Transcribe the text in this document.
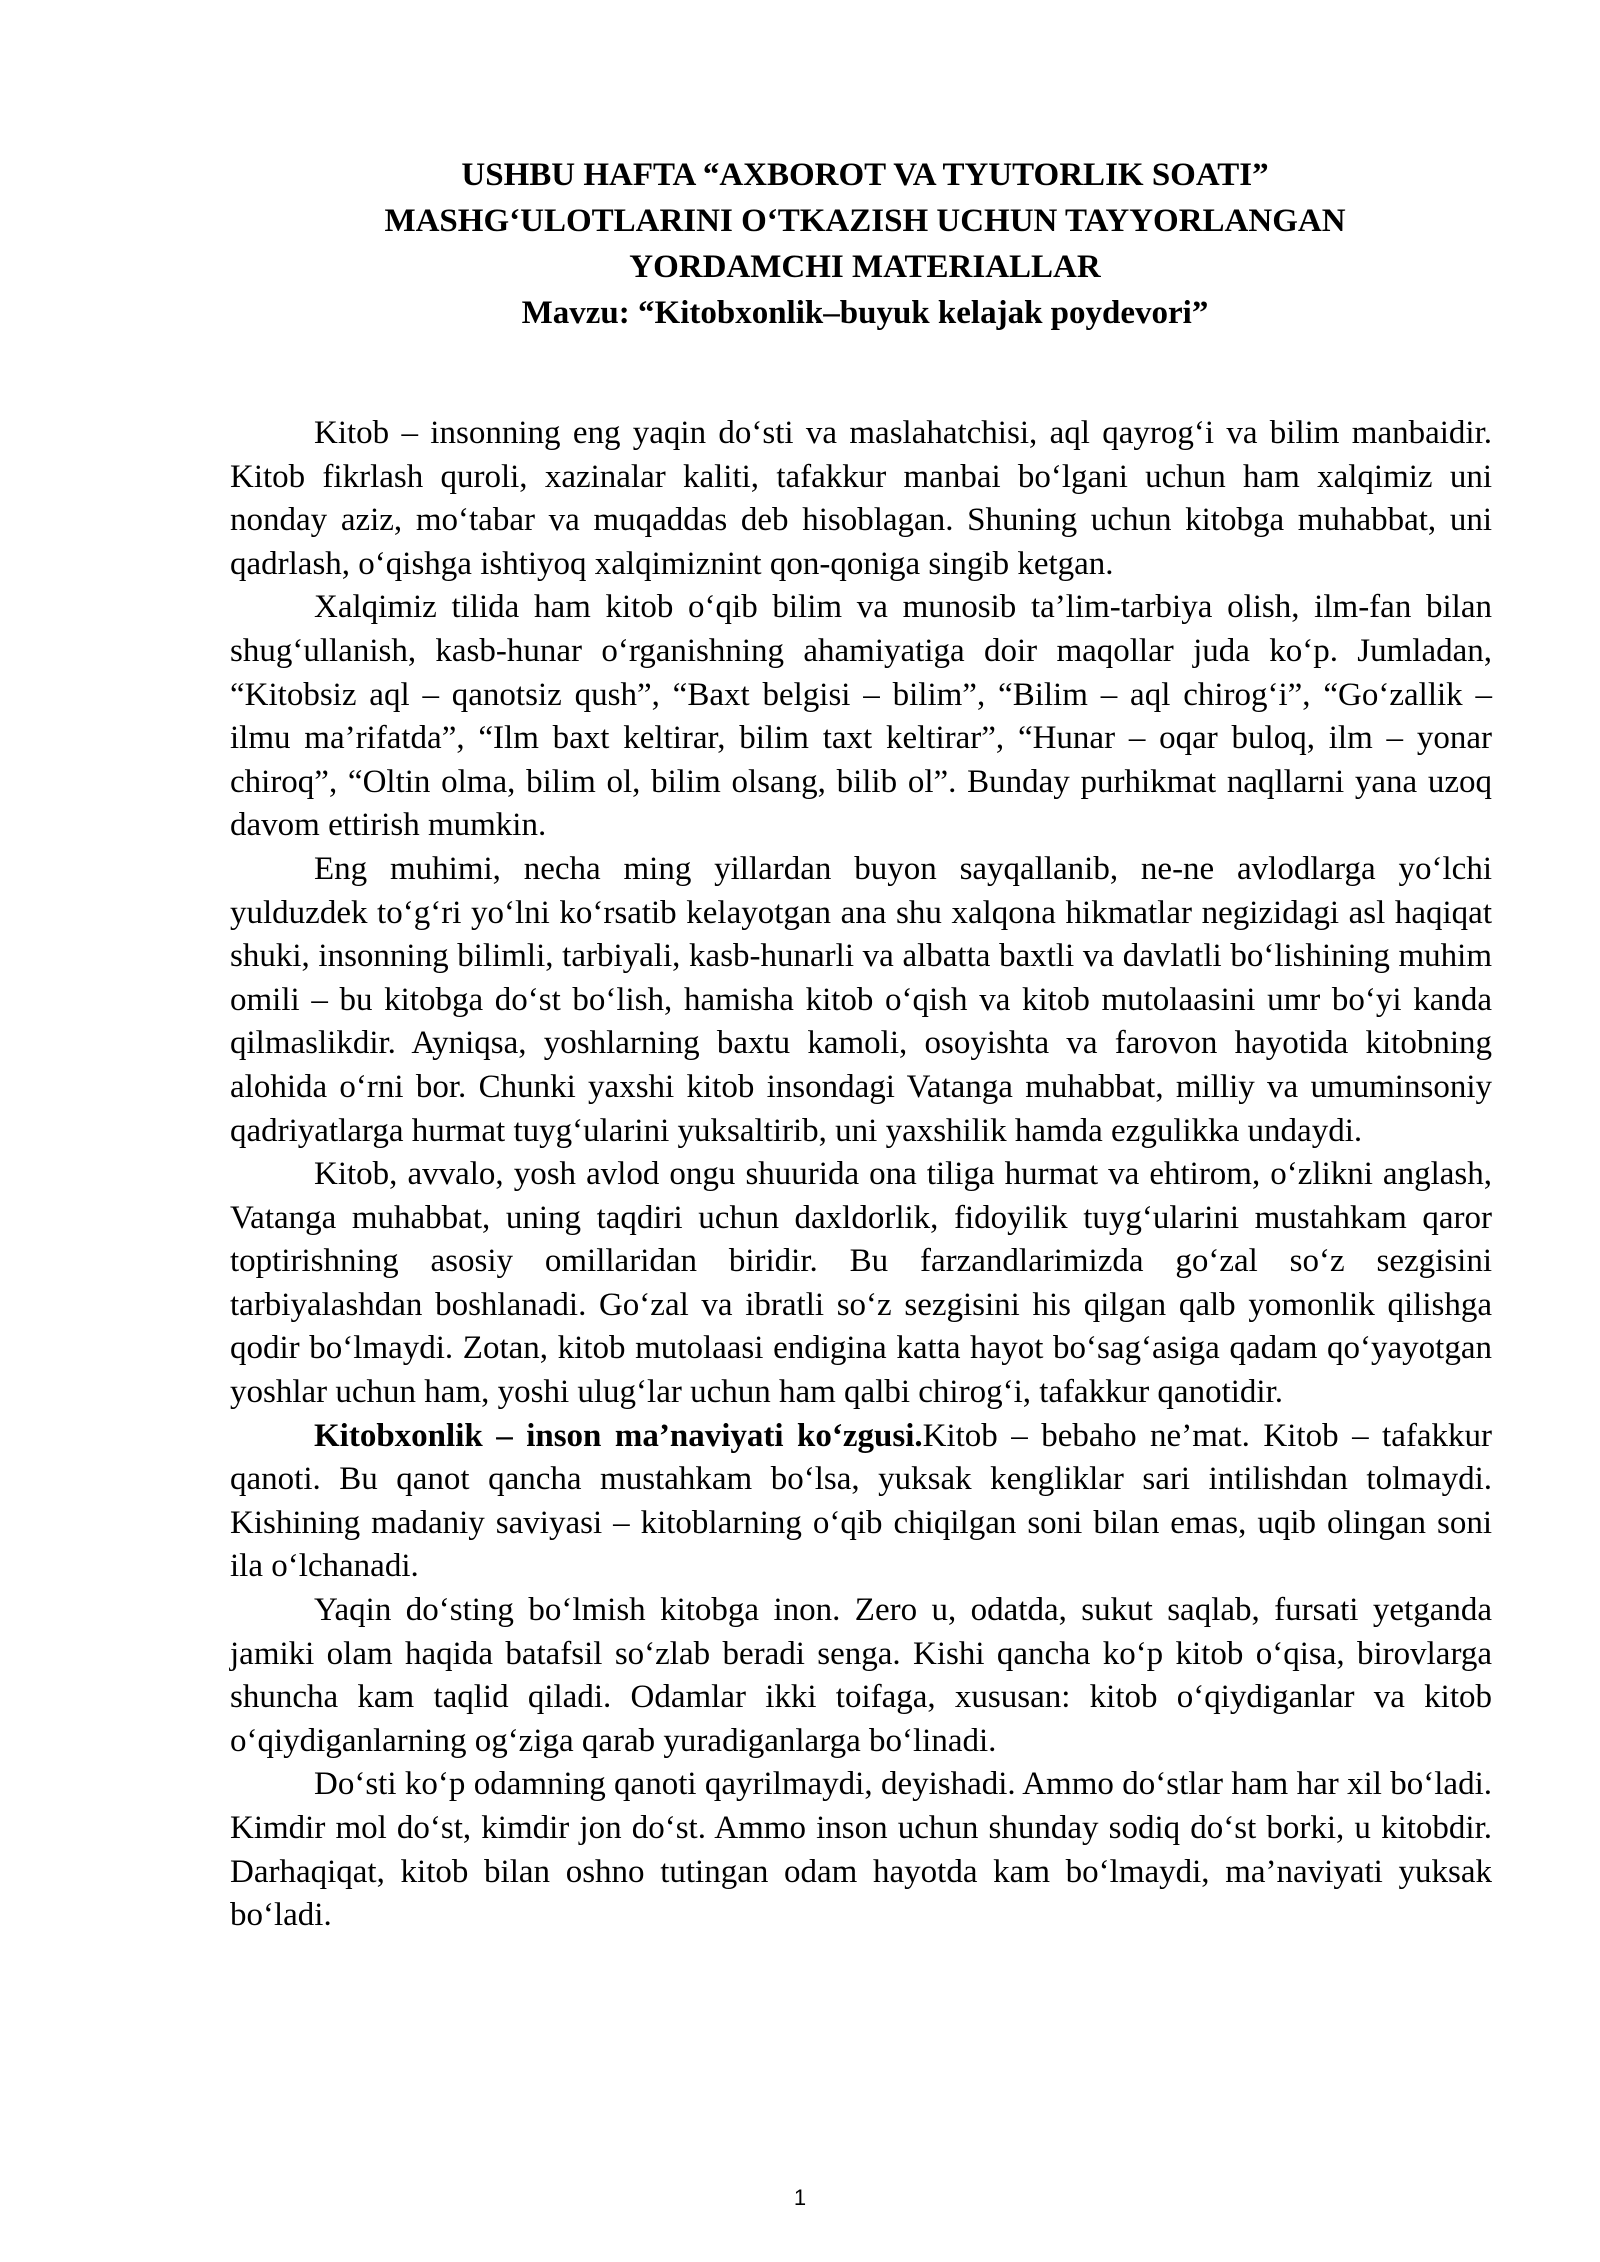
USHBU HAFTA “AXBOROT VA TYUTORLIK SOATI”
MASHG‘ULOTLARINI O‘TKAZISH UCHUN TAYYORLANGAN
YORDAMCHI MATERIALLAR
Mavzu: “Kitobxonlik–buyuk kelajak poydevori”

Kitob – insonning eng yaqin do‘sti va maslahatchisi, aql qayrog‘i va bilim manbaidir. Kitob fikrlash quroli, xazinalar kaliti, tafakkur manbai bo‘lgani uchun ham xalqimiz uni nonday aziz, mo‘tabar va muqaddas deb hisoblagan. Shuning uchun kitobga muhabbat, uni qadrlash, o‘qishga ishtiyoq xalqimiznint qon-qoniga singib ketgan.

Xalqimiz tilida ham kitob o‘qib bilim va munosib ta’lim-tarbiya olish, ilm-fan bilan shug‘ullanish, kasb-hunar o‘rganishning ahamiyatiga doir maqollar juda ko‘p. Jumladan, “Kitobsiz aql – qanotsiz qush”, “Baxt belgisi – bilim”, “Bilim – aql chirog‘i”, “Go‘zallik – ilmu ma’rifatda”, “Ilm baxt keltirar, bilim taxt keltirar”, “Hunar – oqar buloq, ilm – yonar chiroq”, “Oltin olma, bilim ol, bilim olsang, bilib ol”. Bunday purhikmat naqllarni yana uzoq davom ettirish mumkin.

Eng muhimi, necha ming yillardan buyon sayqallanib, ne-ne avlodlarga yo‘lchi yulduzdek to‘g‘ri yo‘lni ko‘rsatib kelayotgan ana shu xalqona hikmatlar negizidagi asl haqiqat shuki, insonning bilimli, tarbiyali, kasb-hunarli va albatta baxtli va davlatli bo‘lishining muhim omili – bu kitobga do‘st bo‘lish, hamisha kitob o‘qish va kitob mutolaasini umr bo‘yi kanda qilmaslikdir. Ayniqsa, yoshlarning baxtu kamoli, osoyishta va farovon hayotida kitobning alohida o‘rni bor. Chunki yaxshi kitob insondagi Vatanga muhabbat, milliy va umuminsoniy qadriyatlarga hurmat tuyg‘ularini yuksaltirib, uni yaxshilik hamda ezgulikka undaydi.

Kitob, avvalo, yosh avlod ongu shuurida ona tiliga hurmat va ehtirom, o‘zlikni anglash, Vatanga muhabbat, uning taqdiri uchun daxldorlik, fidoyilik tuyg‘ularini mustahkam qaror toptirishning asosiy omillaridan biridir. Bu farzandlarimizda go‘zal so‘z sezgisini tarbiyalashdan boshlanadi. Go‘zal va ibratli so‘z sezgisini his qilgan qalb yomonlik qilishga qodir bo‘lmaydi. Zotan, kitob mutolaasi endigina katta hayot bo‘sag‘asiga qadam qo‘yayotgan yoshlar uchun ham, yoshi ulug‘lar uchun ham qalbi chirog‘i, tafakkur qanotidir.

Kitobxonlik – inson ma’naviyati ko‘zgusi.Kitob – bebaho ne’mat. Kitob – tafakkur qanoti. Bu qanot qancha mustahkam bo‘lsa, yuksak kengliklar sari intilishdan tolmaydi. Kishining madaniy saviyasi – kitoblarning o‘qib chiqilgan soni bilan emas, uqib olingan soni ila o‘lchanadi.

Yaqin do‘sting bo‘lmish kitobga inon. Zero u, odatda, sukut saqlab, fursati yetganda jamiki olam haqida batafsil so‘zlab beradi senga. Kishi qancha ko‘p kitob o‘qisa, birovlarga shuncha kam taqlid qiladi. Odamlar ikki toifaga, xususan: kitob o‘qiydiganlar va kitob o‘qiydiganlarning og‘ziga qarab yuradiganlarga bo‘linadi.

Do‘sti ko‘p odamning qanoti qayrilmaydi, deyishadi. Ammo do‘stlar ham har xil bo‘ladi. Kimdir mol do‘st, kimdir jon do‘st. Ammo inson uchun shunday sodiq do‘st borki, u kitobdir. Darhaqiqat, kitob bilan oshno tutingan odam hayotda kam bo‘lmaydi, ma’naviyati yuksak bo‘ladi.

1
